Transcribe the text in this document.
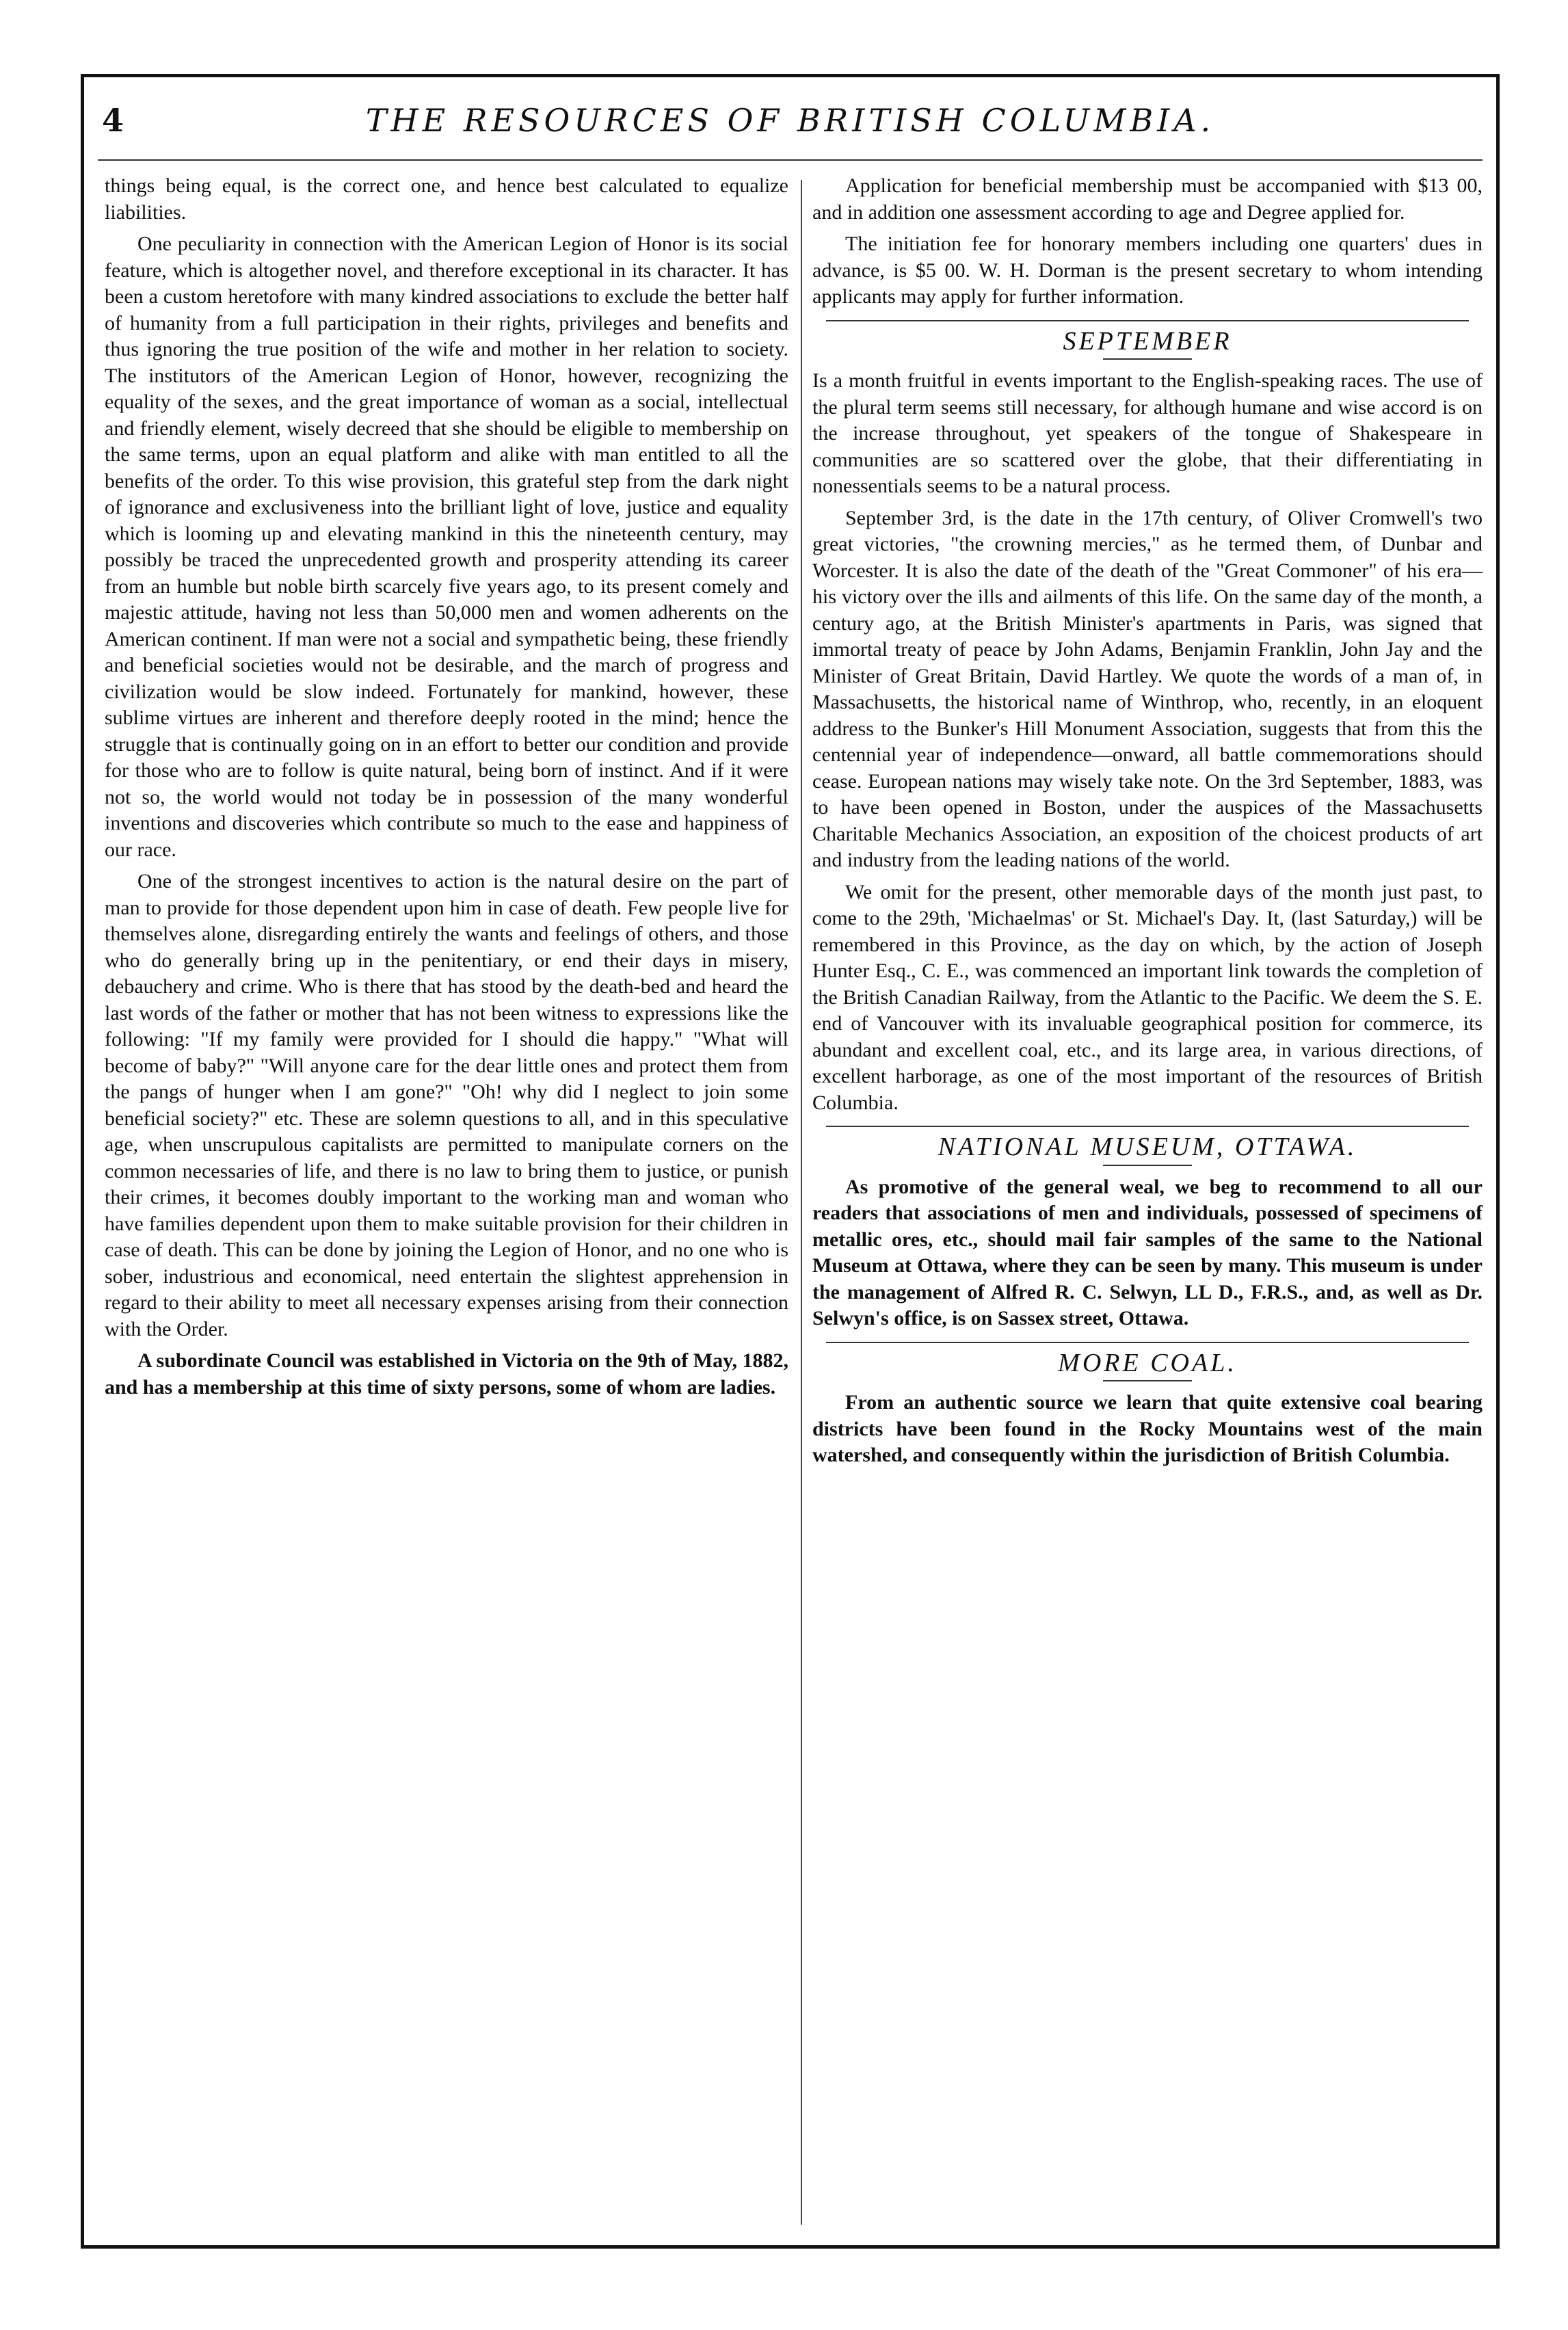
4	THE RESOURCES OF BRITISH COLUMBIA.

things being equal, is the correct one, and hence best calculated to equalize liabilities.

One peculiarity in connection with the American Legion of Honor is its social feature, which is altogether novel, and therefore exceptional in its character. It has been a custom heretofore with many kindred associations to exclude the better half of humanity from a full participation in their rights, privileges and benefits and thus ignoring the true position of the wife and mother in her relation to society. The institutors of the American Legion of Honor, however, recognizing the equality of the sexes, and the great importance of woman as a social, intellectual and friendly element, wisely decreed that she should be eligible to membership on the same terms, upon an equal platform and alike with man entitled to all the benefits of the order. To this wise provision, this grateful step from the dark night of ignorance and exclusiveness into the brilliant light of love, justice and equality which is looming up and elevating mankind in this the nineteenth century, may possibly be traced the unprecedented growth and prosperity attending its career from an humble but noble birth scarcely five years ago, to its present comely and majestic attitude, having not less than 50,000 men and women adherents on the American continent. If man were not a social and sympathetic being, these friendly and beneficial societies would not be desirable, and the march of progress and civilization would be slow indeed. Fortunately for mankind, however, these sublime virtues are inherent and therefore deeply rooted in the mind; hence the struggle that is continually going on in an effort to better our condition and provide for those who are to follow is quite natural, being born of instinct. And if it were not so, the world would not today be in possession of the many wonderful inventions and discoveries which contribute so much to the ease and happiness of our race.

One of the strongest incentives to action is the natural desire on the part of man to provide for those dependent upon him in case of death. Few people live for themselves alone, disregarding entirely the wants and feelings of others, and those who do generally bring up in the penitentiary, or end their days in misery, debauchery and crime. Who is there that has stood by the death-bed and heard the last words of the father or mother that has not been witness to expressions like the following: "If my family were provided for I should die happy." "What will become of baby?" "Will anyone care for the dear little ones and protect them from the pangs of hunger when I am gone?" "Oh! why did I neglect to join some beneficial society?" etc. These are solemn questions to all, and in this speculative age, when unscrupulous capitalists are permitted to manipulate corners on the common necessaries of life, and there is no law to bring them to justice, or punish their crimes, it becomes doubly important to the working man and woman who have families dependent upon them to make suitable provision for their children in case of death. This can be done by joining the Legion of Honor, and no one who is sober, industrious and economical, need entertain the slightest apprehension in regard to their ability to meet all necessary expenses arising from their connection with the Order.

A subordinate Council was established in Victoria on the 9th of May, 1882, and has a membership at this time of sixty persons, some of whom are ladies.

Application for beneficial membership must be accompanied with $13 00, and in addition one assessment according to age and Degree applied for.

The initiation fee for honorary members including one quarters' dues in advance, is $5 00. W. H. Dorman is the present secretary to whom intending applicants may apply for further information.

SEPTEMBER

Is a month fruitful in events important to the English-speaking races. The use of the plural term seems still necessary, for although humane and wise accord is on the increase throughout, yet speakers of the tongue of Shakespeare in communities are so scattered over the globe, that their differentiating in nonessentials seems to be a natural process.

September 3rd, is the date in the 17th century, of Oliver Cromwell's two great victories, "the crowning mercies," as he termed them, of Dunbar and Worcester. It is also the date of the death of the "Great Commoner" of his era—his victory over the ills and ailments of this life. On the same day of the month, a century ago, at the British Minister's apartments in Paris, was signed that immortal treaty of peace by John Adams, Benjamin Franklin, John Jay and the Minister of Great Britain, David Hartley. We quote the words of a man of, in Massachusetts, the historical name of Winthrop, who, recently, in an eloquent address to the Bunker's Hill Monument Association, suggests that from this the centennial year of independence—onward, all battle commemorations should cease. European nations may wisely take note. On the 3rd September, 1883, was to have been opened in Boston, under the auspices of the Massachusetts Charitable Mechanics Association, an exposition of the choicest products of art and industry from the leading nations of the world.

We omit for the present, other memorable days of the month just past, to come to the 29th, 'Michaelmas' or St. Michael's Day. It, (last Saturday,) will be remembered in this Province, as the day on which, by the action of Joseph Hunter Esq., C. E., was commenced an important link towards the completion of the British Canadian Railway, from the Atlantic to the Pacific. We deem the S. E. end of Vancouver with its invaluable geographical position for commerce, its abundant and excellent coal, etc., and its large area, in various directions, of excellent harborage, as one of the most important of the resources of British Columbia.

NATIONAL MUSEUM, OTTAWA.

As promotive of the general weal, we beg to recommend to all our readers that associations of men and individuals, possessed of specimens of metallic ores, etc., should mail fair samples of the same to the National Museum at Ottawa, where they can be seen by many. This museum is under the management of Alfred R. C. Selwyn, LL D., F.R.S., and, as well as Dr. Selwyn's office, is on Sassex street, Ottawa.

MORE COAL.

From an authentic source we learn that quite extensive coal bearing districts have been found in the Rocky Mountains west of the main watershed, and consequently within the jurisdiction of British Columbia.
